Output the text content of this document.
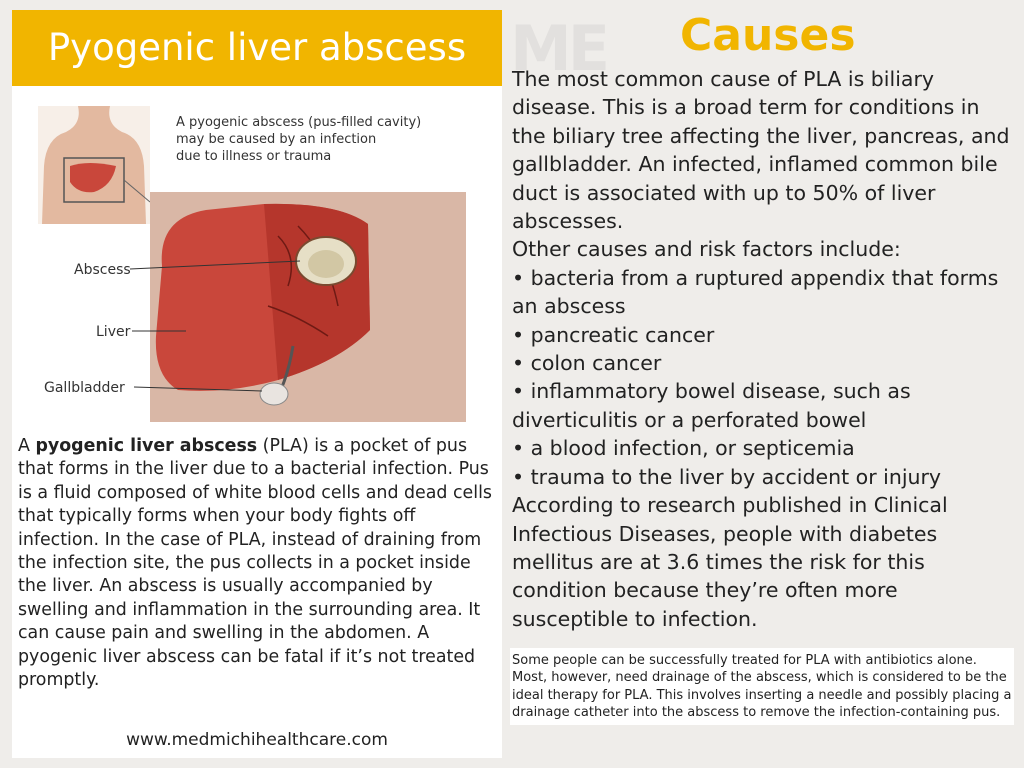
Pyogenic liver abscess
A pyogenic abscess (pus-filled cavity)
may be caused by an infection
due to illness or trauma
Abscess
Liver
Gallbladder
A pyogenic liver abscess (PLA) is a pocket of pus that forms in the liver due to a bacterial infection. Pus is a fluid composed of white blood cells and dead cells that typically forms when your body fights off infection. In the case of PLA, instead of draining from the infection site, the pus collects in a pocket inside the liver. An abscess is usually accompanied by swelling and inflammation in the surrounding area. It can cause pain and swelling in the abdomen. A pyogenic liver abscess can be fatal if it’s not treated promptly.
www.medmichihealthcare.com
ME Causes

The most common cause of PLA is biliary disease. This is a broad term for conditions in the biliary tree affecting the liver, pancreas, and gallbladder. An infected, inflamed common bile duct is associated with up to 50% of liver abscesses.

Other causes and risk factors include:

• bacteria from a ruptured appendix that forms an abscess

• pancreatic cancer

• colon cancer

• inflammatory bowel disease, such as diverticulitis or a perforated bowel

• a blood infection, or septicemia

• trauma to the liver by accident or injury

According to research published in Clinical Infectious Diseases, people with diabetes mellitus are at 3.6 times the risk for this condition because they’re often more susceptible to infection.

Some people can be successfully treated for PLA with antibiotics alone. Most, however, need drainage of the abscess, which is considered to be the ideal therapy for PLA. This involves inserting a needle and possibly placing a drainage catheter into the abscess to remove the infection-containing pus.
